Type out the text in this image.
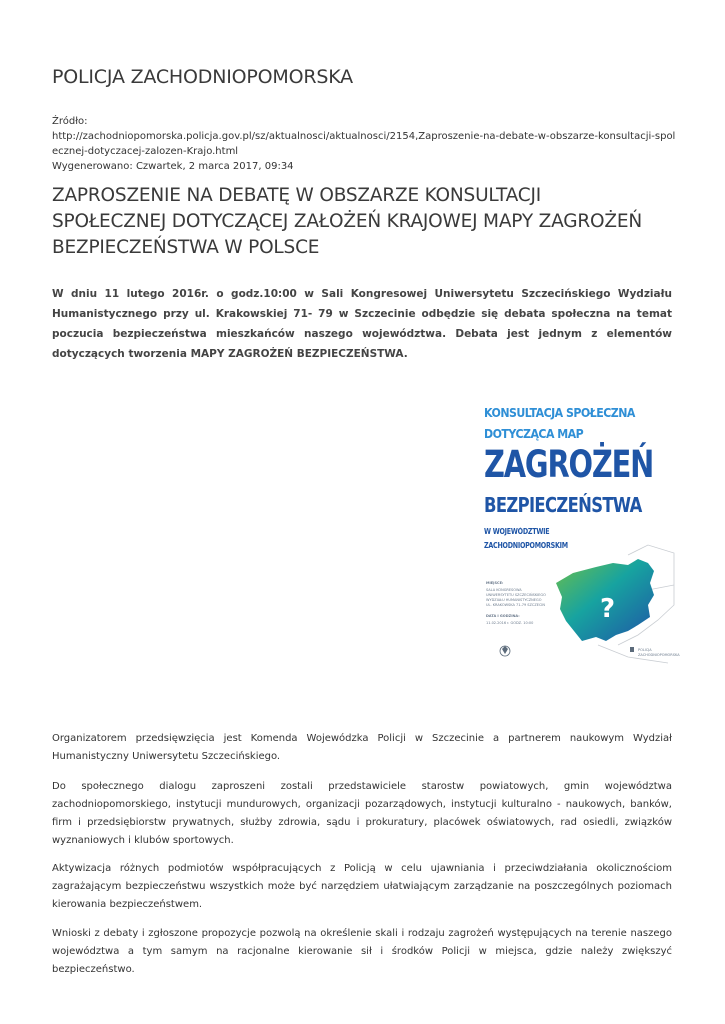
POLICJA ZACHODNIOPOMORSKA
Źródło:
http://zachodniopomorska.policja.gov.pl/sz/aktualnosci/aktualnosci/2154,Zaproszenie-na-debate-w-obszarze-konsultacji-spolecznej-dotyczacej-zalozen-Krajo.html
Wygenerowano: Czwartek, 2 marca 2017, 09:34
ZAPROSZENIE NA DEBATĘ W OBSZARZE KONSULTACJI SPOŁECZNEJ DOTYCZĄCEJ ZAŁOŻEŃ KRAJOWEJ MAPY ZAGROŻEŃ BEZPIECZEŃSTWA W POLSCE

W dniu 11 lutego 2016r. o godz.10:00 w Sali Kongresowej Uniwersytetu Szczecińskiego Wydziału Humanistycznego przy ul. Krakowskiej 71- 79 w Szczecinie odbędzie się debata społeczna na temat poczucia bezpieczeństwa mieszkańców naszego województwa. Debata jest jednym z elementów dotyczących tworzenia MAPY ZAGROŻEŃ BEZPIECZEŃSTWA.

?

KONSULTACJA SPOŁECZNA

DOTYCZĄCA MAP

ZAGROŻEŃ

BEZPIECZEŃSTWA

W WOJEWÓDZTWIE

ZACHODNIOPOMORSKIM

MIEJSCE:
SALA KONGRESOWA
UNIWERSYTETU SZCZECIŃSKIEGO
WYDZIAŁU HUMANISTYCZNEGO
UL. KRAKOWSKA 71-79 SZCZECIN
DATA I GODZINA:
11.02.2016 r. GODZ. 10:00
POLICJA ZACHODNIOPOMORSKA

Organizatorem przedsięwzięcia jest Komenda Wojewódzka Policji w Szczecinie a partnerem naukowym Wydział Humanistyczny Uniwersytetu Szczecińskiego.

Do społecznego dialogu zaproszeni zostali przedstawiciele starostw powiatowych, gmin województwa zachodniopomorskiego, instytucji mundurowych, organizacji pozarządowych, instytucji kulturalno - naukowych, banków, firm i przedsiębiorstw prywatnych, służby zdrowia, sądu i prokuratury, placówek oświatowych, rad osiedli, związków wyznaniowych i klubów sportowych.

Aktywizacja różnych podmiotów współpracujących z Policją w celu ujawniania i przeciwdziałania okolicznościom zagrażającym bezpieczeństwu wszystkich może być narzędziem ułatwiającym zarządzanie na poszczególnych poziomach kierowania bezpieczeństwem.

Wnioski z debaty i zgłoszone propozycje pozwolą na określenie skali i rodzaju zagrożeń występujących na terenie naszego województwa a tym samym na racjonalne kierowanie sił i środków Policji w miejsca, gdzie należy zwiększyć bezpieczeństwo.
